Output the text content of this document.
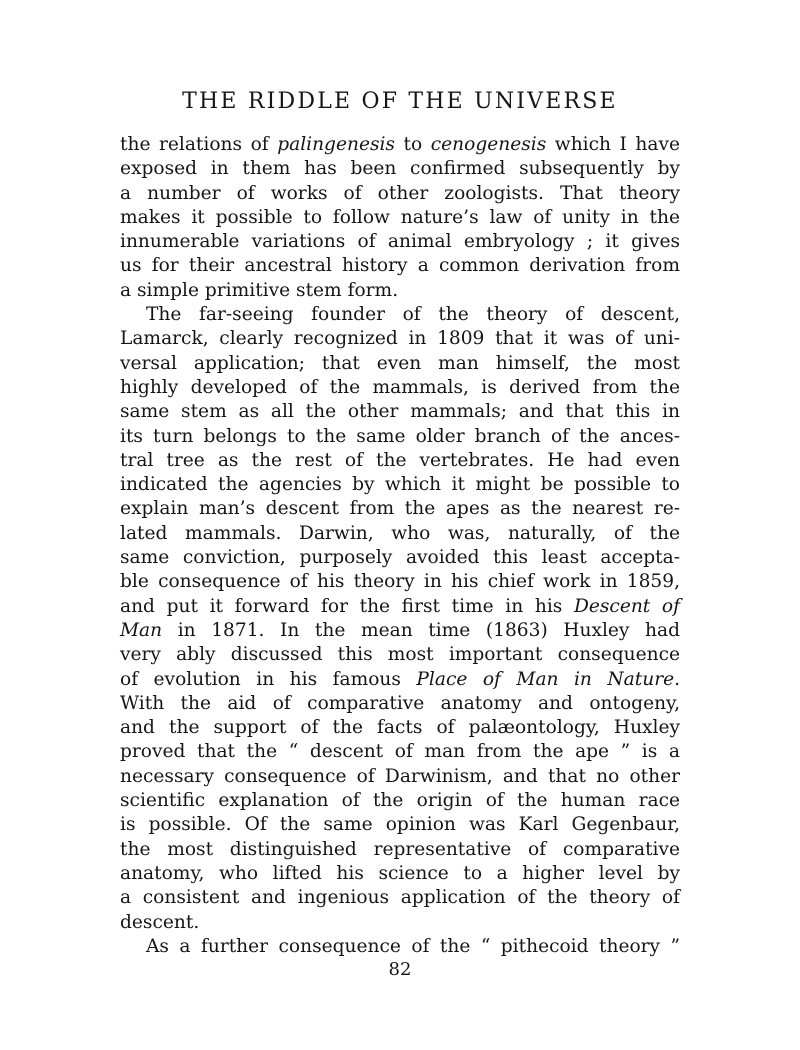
THE RIDDLE OF THE UNIVERSE
the relations of palingenesis to cenogenesis which I have
exposed in them has been confirmed subsequently by
a number of works of other zoologists. That theory
makes it possible to follow nature’s law of unity in the
innumerable variations of animal embryology ; it gives
us for their ancestral history a common derivation from
a simple primitive stem form.
The far-seeing founder of the theory of descent,
Lamarck, clearly recognized in 1809 that it was of uni-
versal application; that even man himself, the most
highly developed of the mammals, is derived from the
same stem as all the other mammals; and that this in
its turn belongs to the same older branch of the ances-
tral tree as the rest of the vertebrates. He had even
indicated the agencies by which it might be possible to
explain man’s descent from the apes as the nearest re-
lated mammals. Darwin, who was, naturally, of the
same conviction, purposely avoided this least accepta-
ble consequence of his theory in his chief work in 1859,
and put it forward for the first time in his Descent of
Man in 1871. In the mean time (1863) Huxley had
very ably discussed this most important consequence
of evolution in his famous Place of Man in Nature.
With the aid of comparative anatomy and ontogeny,
and the support of the facts of palæontology, Huxley
proved that the “ descent of man from the ape ” is a
necessary consequence of Darwinism, and that no other
scientific explanation of the origin of the human race
is possible. Of the same opinion was Karl Gegenbaur,
the most distinguished representative of comparative
anatomy, who lifted his science to a higher level by
a consistent and ingenious application of the theory of
descent.
As a further consequence of the “ pithecoid theory ”
82
